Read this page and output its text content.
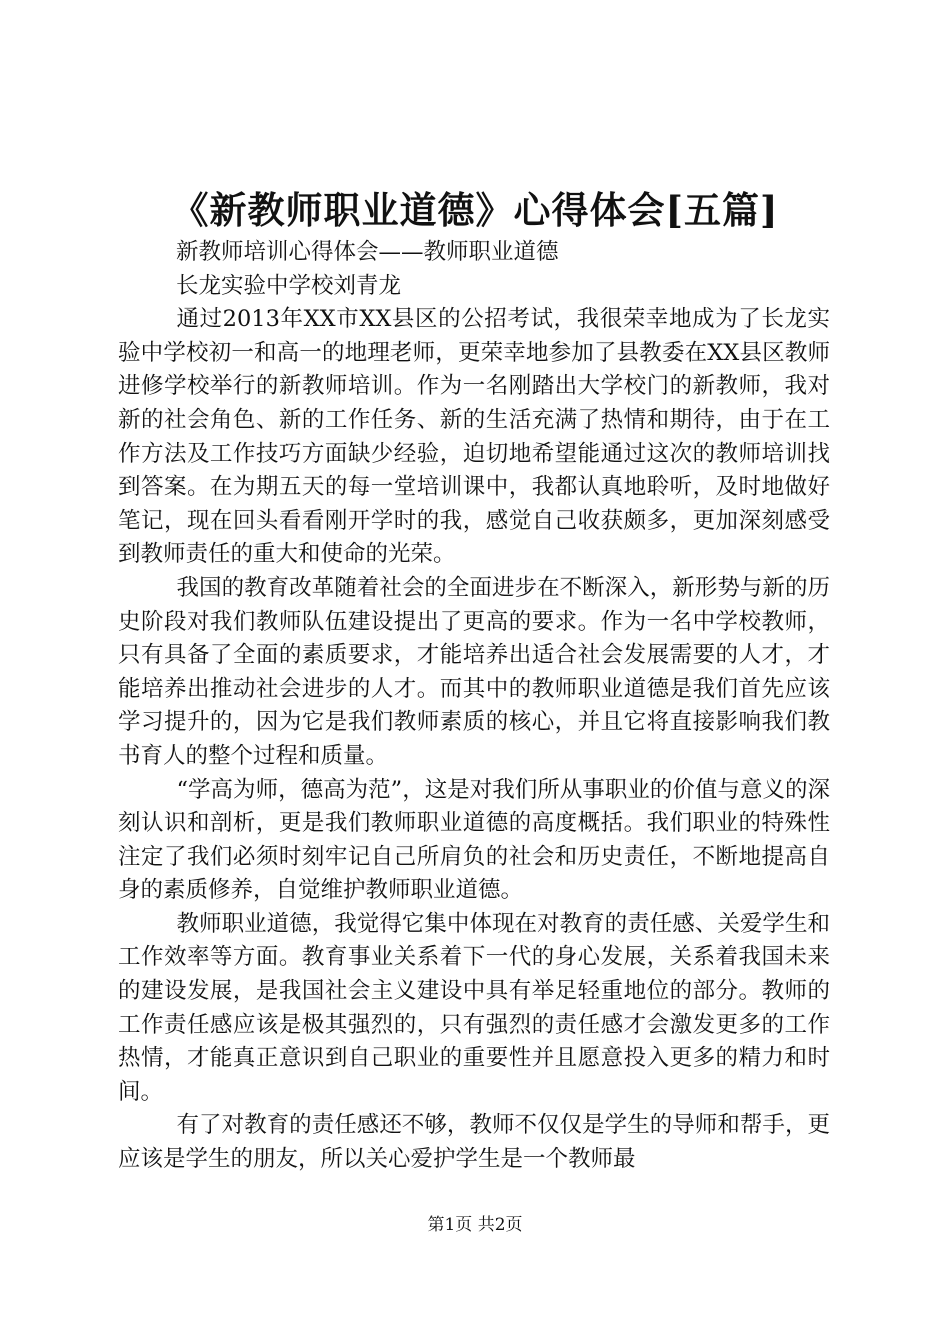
《新教师职业道德》心得体会[五篇]

新教师培训心得体会——教师职业道德

长龙实验中学校刘青龙

通过2013年XX市XX县区的公招考试，我很荣幸地成为了长龙实验中学校初一和高一的地理老师，更荣幸地参加了县教委在XX县区教师进修学校举行的新教师培训。作为一名刚踏出大学校门的新教师，我对新的社会角色、新的工作任务、新的生活充满了热情和期待，由于在工作方法及工作技巧方面缺少经验，迫切地希望能通过这次的教师培训找到答案。在为期五天的每一堂培训课中，我都认真地聆听，及时地做好笔记，现在回头看看刚开学时的我，感觉自己收获颇多，更加深刻感受到教师责任的重大和使命的光荣。

我国的教育改革随着社会的全面进步在不断深入，新形势与新的历史阶段对我们教师队伍建设提出了更高的要求。作为一名中学校教师，只有具备了全面的素质要求，才能培养出适合社会发展需要的人才，才能培养出推动社会进步的人才。而其中的教师职业道德是我们首先应该学习提升的，因为它是我们教师素质的核心，并且它将直接影响我们教书育人的整个过程和质量。

“学高为师，德高为范”，这是对我们所从事职业的价值与意义的深刻认识和剖析，更是我们教师职业道德的高度概括。我们职业的特殊性注定了我们必须时刻牢记自己所肩负的社会和历史责任，不断地提高自身的素质修养，自觉维护教师职业道德。

教师职业道德，我觉得它集中体现在对教育的责任感、关爱学生和工作效率等方面。教育事业关系着下一代的身心发展，关系着我国未来的建设发展，是我国社会主义建设中具有举足轻重地位的部分。教师的工作责任感应该是极其强烈的，只有强烈的责任感才会激发更多的工作热情，才能真正意识到自己职业的重要性并且愿意投入更多的精力和时间。

有了对教育的责任感还不够，教师不仅仅是学生的导师和帮手，更应该是学生的朋友，所以关心爱护学生是一个教师最

第1页 共2页
